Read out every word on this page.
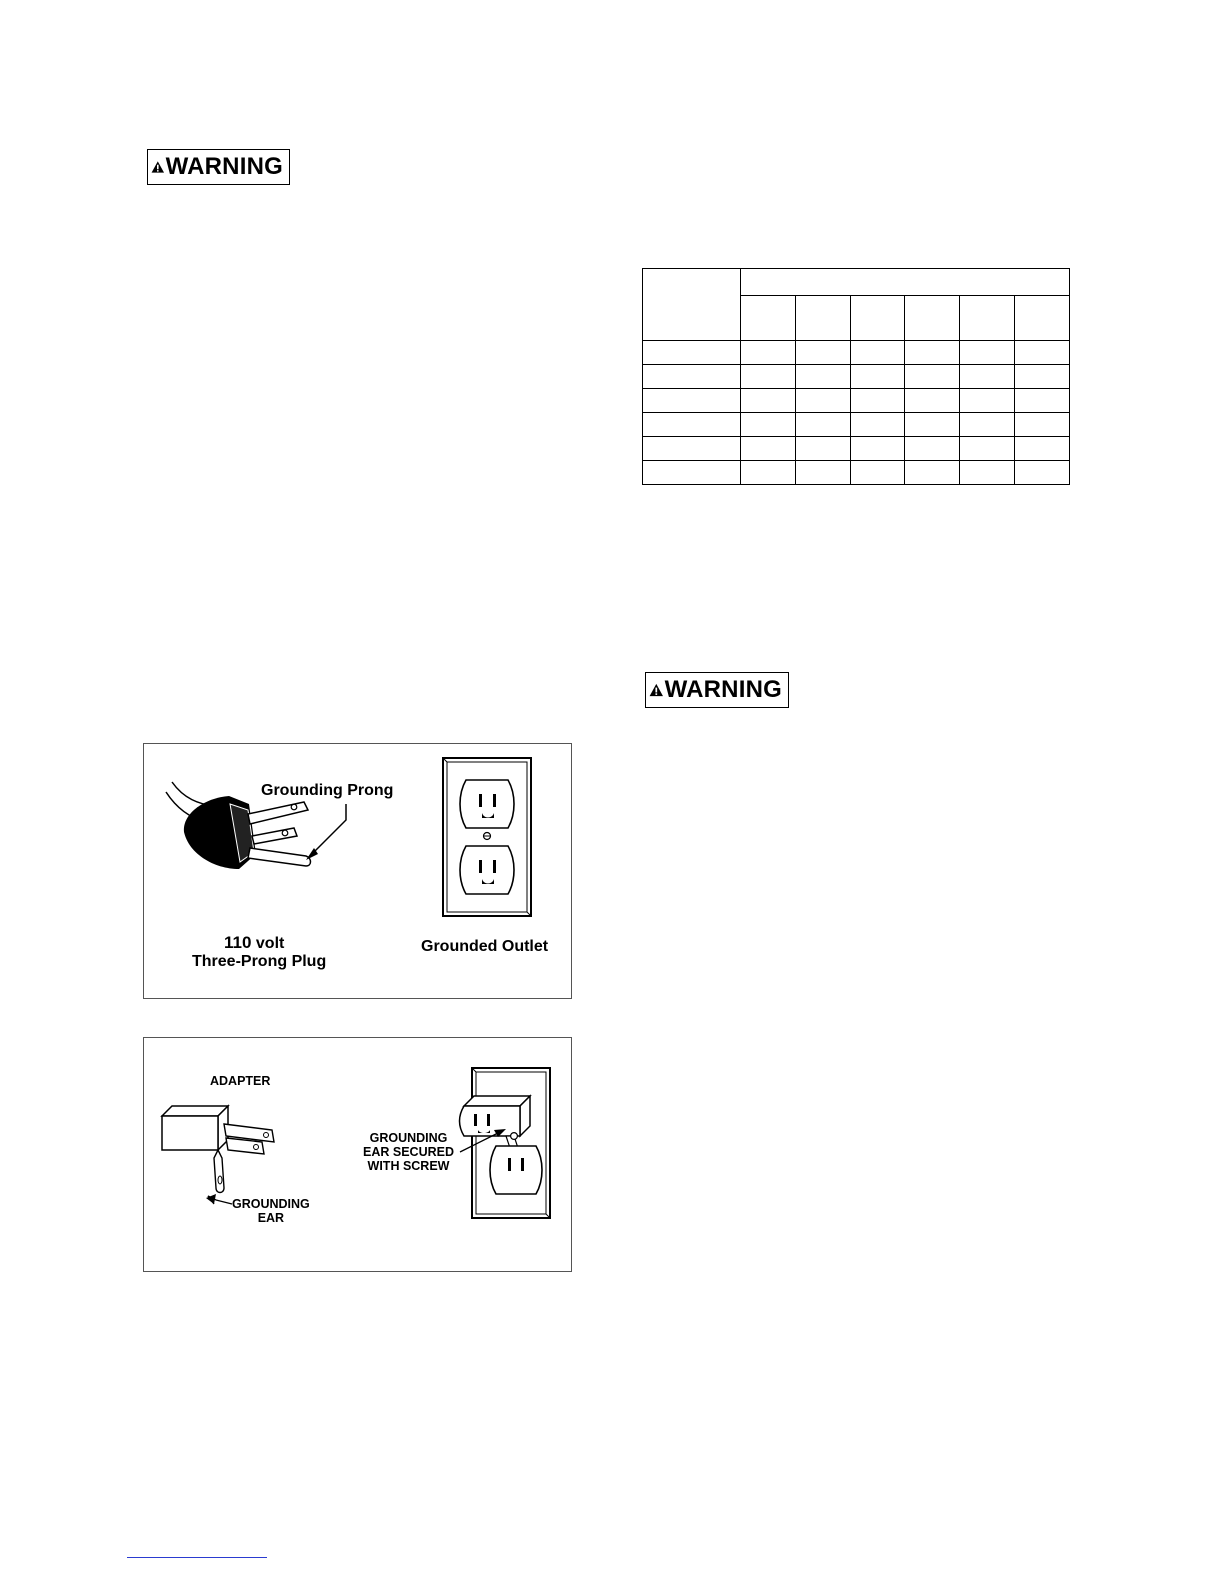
WARNING

WARNING
Grounding Prong
110 volt
Three-Prong Plug
Grounded Outlet
ADAPTER
GROUNDING
EAR
GROUNDING
EAR SECURED
WITH SCREW
